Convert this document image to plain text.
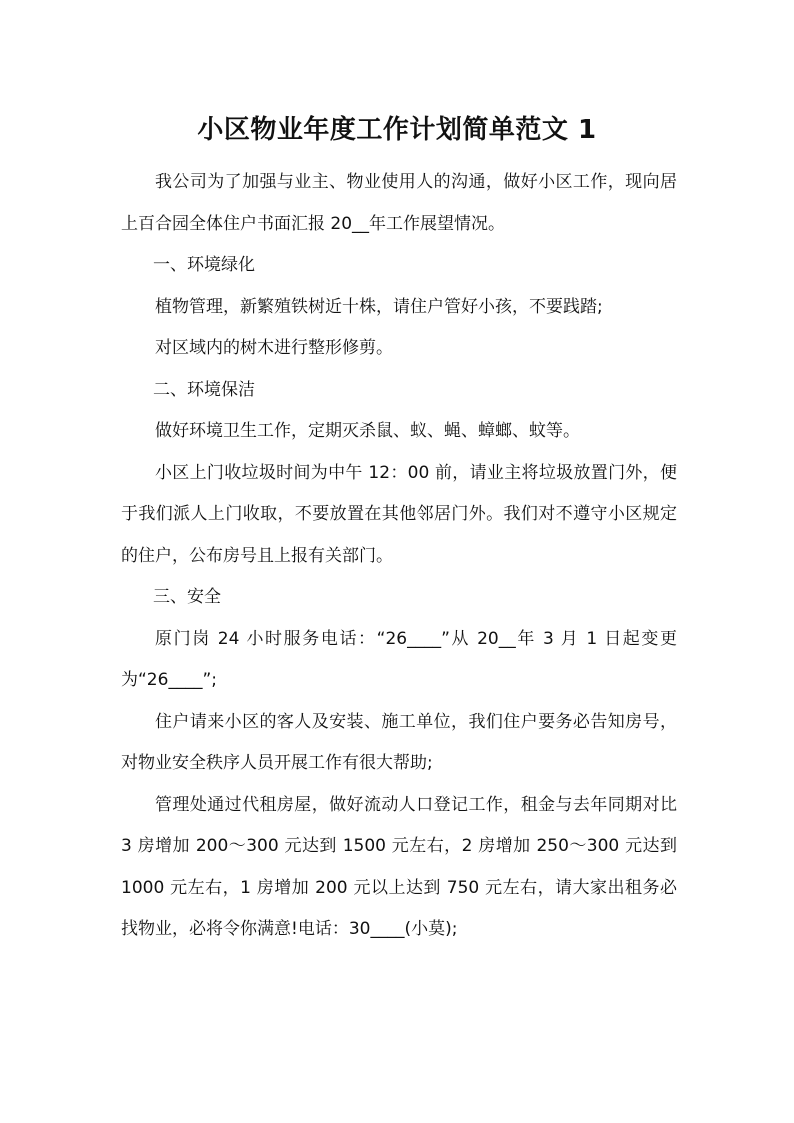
小区物业年度工作计划简单范文 1

我公司为了加强与业主、物业使用人的沟通，做好小区工作，现向居上百合园全体住户书面汇报 20__年工作展望情况。

一、环境绿化

植物管理，新繁殖铁树近十株，请住户管好小孩，不要践踏;

对区域内的树木进行整形修剪。

二、环境保洁

做好环境卫生工作，定期灭杀鼠、蚁、蝇、蟑螂、蚊等。

小区上门收垃圾时间为中午 12：00 前，请业主将垃圾放置门外，便于我们派人上门收取，不要放置在其他邻居门外。我们对不遵守小区规定的住户，公布房号且上报有关部门。

三、安全

原门岗 24 小时服务电话：“26____”从 20__年 3 月 1 日起变更为“26____”;

住户请来小区的客人及安装、施工单位，我们住户要务必告知房号，对物业安全秩序人员开展工作有很大帮助;

管理处通过代租房屋，做好流动人口登记工作，租金与去年同期对比 3 房增加 200～300 元达到 1500 元左右，2 房增加 250～300 元达到 1000 元左右，1 房增加 200 元以上达到 750 元左右，请大家出租务必找物业，必将令你满意!电话：30____(小莫);
